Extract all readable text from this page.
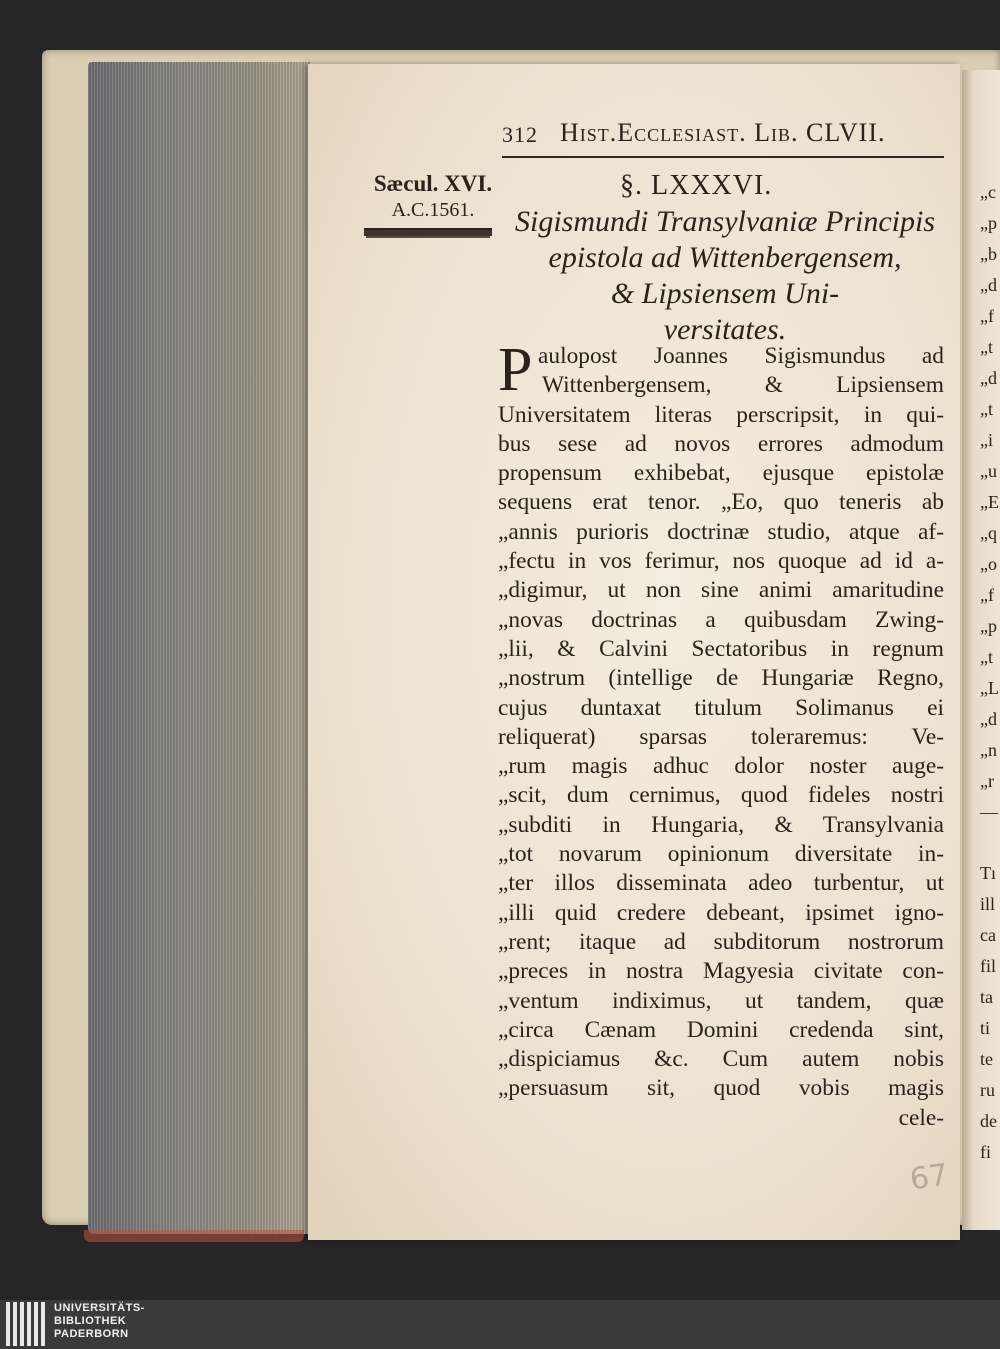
„c
„p
„b
„d
„f
„t
„d
„t
„i
„u
„E
„q
„o
„f
„p
„t
„L
„d
„n
„r
—
Tı
ill
ca
fil
ta
ti
te
ru
de
fi
312 Hist.Ecclesiast. Lib. CLVII.
Sæcul. XVI.
A.C.1561.
§. LXXXVI.
Sigismundi Transylvaniæ Principis
epistola ad Wittenbergensem,
& Lipsiensem Uni-
versitates.
aulopost Joannes Sigismundus ad
Wittenbergensem, & Lipsiensem
Universitatem literas perscripsit, in qui-
bus sese ad novos errores admodum
propensum exhibebat, ejusque epistolæ
sequens erat tenor. „Eo, quo teneris ab
„annis purioris doctrinæ studio, atque af-
„fectu in vos ferimur, nos quoque ad id a-
„digimur, ut non sine animi amaritudine
„novas doctrinas a quibusdam Zwing-
„lii, & Calvini Sectatoribus in regnum
„nostrum (intellige de Hungariæ Regno,
cujus duntaxat titulum Solimanus ei
reliquerat) sparsas toleraremus: Ve-
„rum magis adhuc dolor noster auge-
„scit, dum cernimus, quod fideles nostri
„subditi in Hungaria, & Transylvania
„tot novarum opinionum diversitate in-
„ter illos disseminata adeo turbentur, ut
„illi quid credere debeant, ipsimet igno-
„rent; itaque ad subditorum nostrorum
„preces in nostra Magyesia civitate con-
„ventum indiximus, ut tandem, quæ
„circa Cænam Domini credenda sint,
„dispiciamus &c. Cum autem nobis
„persuasum sit, quod vobis magis
cele-
67
P
UNIVERSITÄTS-
BIBLIOTHEK
PADERBORN
